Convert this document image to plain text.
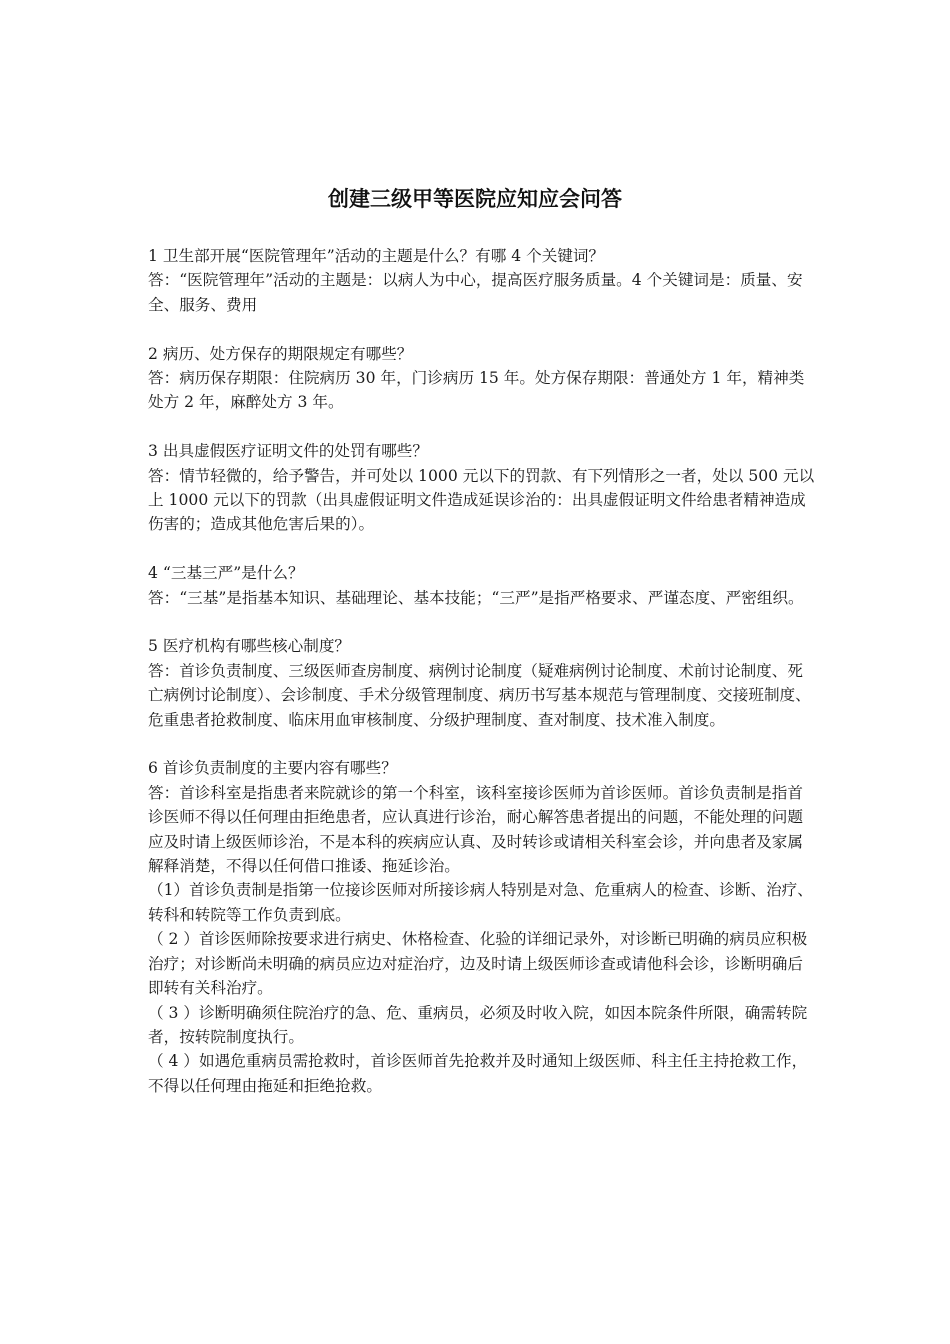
创建三级甲等医院应知应会问答

1 卫生部开展“医院管理年”活动的主题是什么？有哪 4 个关键词？

答：“医院管理年”活动的主题是：以病人为中心，提高医疗服务质量。4 个关键词是：质量、安全、服务、费用

2 病历、处方保存的期限规定有哪些？

答：病历保存期限：住院病历 30 年，门诊病历 15 年。处方保存期限：普通处方 1 年，精神类处方 2 年，麻醉处方 3 年。

3 出具虚假医疗证明文件的处罚有哪些？

答：情节轻微的，给予警告，并可处以 1000 元以下的罚款、有下列情形之一者，处以 500 元以上 1000 元以下的罚款（出具虚假证明文件造成延误诊治的：出具虚假证明文件给患者精神造成伤害的；造成其他危害后果的）。

4 “三基三严”是什么？

答：“三基”是指基本知识、基础理论、基本技能；“三严”是指严格要求、严谨态度、严密组织。

5 医疗机构有哪些核心制度？

答：首诊负责制度、三级医师查房制度、病例讨论制度（疑难病例讨论制度、术前讨论制度、死亡病例讨论制度）、会诊制度、手术分级管理制度、病历书写基本规范与管理制度、交接班制度、危重患者抢救制度、临床用血审核制度、分级护理制度、查对制度、技术准入制度。

6 首诊负责制度的主要内容有哪些？

答：首诊科室是指患者来院就诊的第一个科室，该科室接诊医师为首诊医师。首诊负责制是指首诊医师不得以任何理由拒绝患者，应认真进行诊治，耐心解答患者提出的问题，不能处理的问题应及时请上级医师诊治，不是本科的疾病应认真、及时转诊或请相关科室会诊，并向患者及家属解释消楚，不得以任何借口推诿、拖延诊治。

（1）首诊负责制是指第一位接诊医师对所接诊病人特别是对急、危重病人的检查、诊断、治疗、转科和转院等工作负责到底。

（ 2 ）首诊医师除按要求进行病史、休格检查、化验的详细记录外，对诊断已明确的病员应积极治疗；对诊断尚未明确的病员应边对症治疗，边及时请上级医师诊查或请他科会诊，诊断明确后即转有关科治疗。

（ 3 ）诊断明确须住院治疗的急、危、重病员，必须及时收入院，如因本院条件所限，确需转院者，按转院制度执行。

（ 4 ）如遇危重病员需抢救时，首诊医师首先抢救并及时通知上级医师、科主任主持抢救工作，不得以任何理由拖延和拒绝抢救。
